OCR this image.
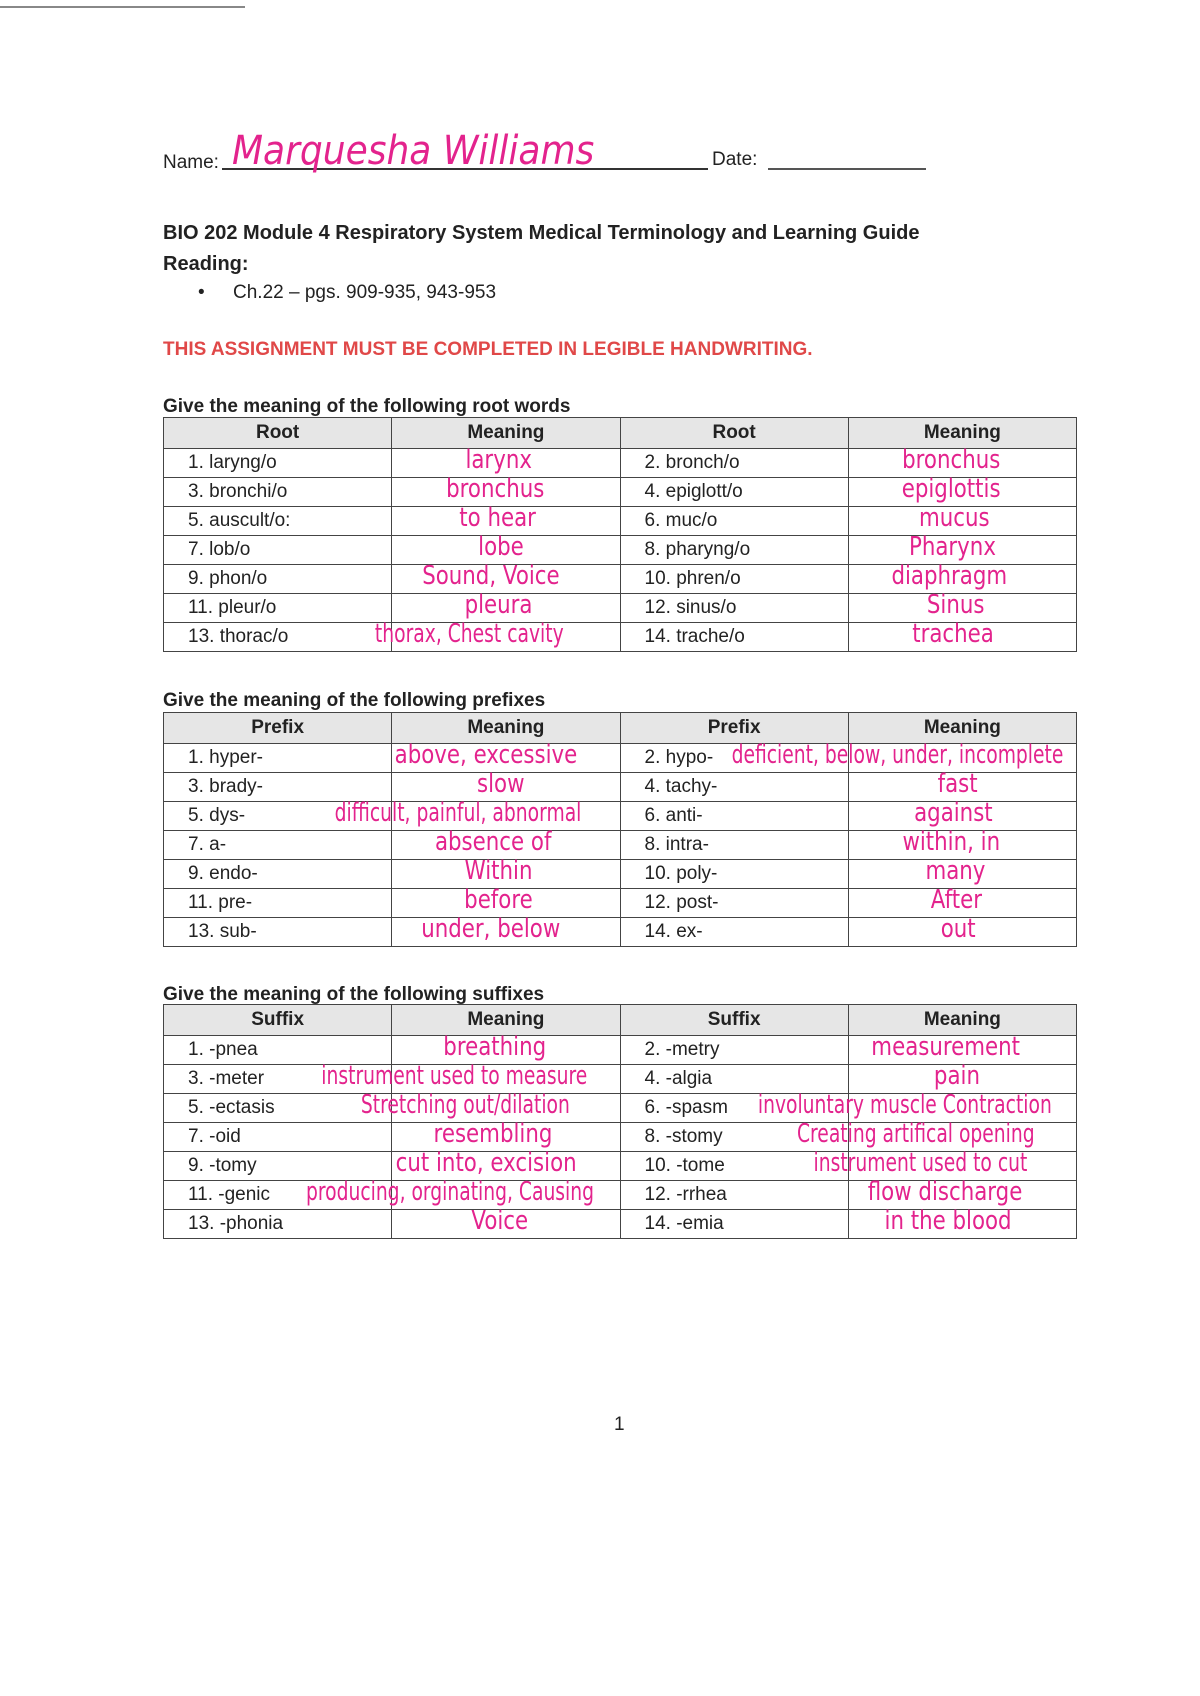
Name: Marquesha Williams	Date:
BIO 202 Module 4 Respiratory System Medical Terminology and Learning Guide
Reading:
• Ch.22 – pgs. 909-935, 943-953
THIS ASSIGNMENT MUST BE COMPLETED IN LEGIBLE HANDWRITING.
Give the meaning of the following root words
Root	Meaning	Root	Meaning
1. laryng/o	larynx	2. bronch/o	bronchus

3. bronchi/o	bronchus	4. epiglott/o	epiglottis

5. auscult/o:	to hear	6. muc/o	mucus

7. lob/o	lobe	8. pharyng/o	Pharynx

9. phon/o	Sound, Voice	10. phren/o	diaphragm

11. pleur/o	pleura	12. sinus/o	Sinus

13. thorac/o	thorax, Chest cavity	14. trache/o	trachea
Give the meaning of the following prefixes
Prefix	Meaning	Prefix	Meaning
1. hyper-	above, excessive	2. hypo-	deficient, below, under, incomplete

3. brady-	slow	4. tachy-	fast

5. dys-	difficult, painful, abnormal	6. anti-	against

7. a-	absence of	8. intra-	within, in

9. endo-	Within	10. poly-	many

11. pre-	before	12. post-	After

13. sub-	under, below	14. ex-	out
Give the meaning of the following suffixes
Suffix	Meaning	Suffix	Meaning
1. -pnea	breathing	2. -metry	measurement

3. -meter	instrument used to measure	4. -algia	pain

5. -ectasis	Stretching out/dilation	6. -spasm	involuntary muscle Contraction

7. -oid	resembling	8. -stomy	Creating artifical opening

9. -tomy	cut into, excision	10. -tome	instrument used to cut

11. -genic	producing, orginating, Causing	12. -rrhea	flow discharge

13. -phonia	Voice	14. -emia	in the blood
1
